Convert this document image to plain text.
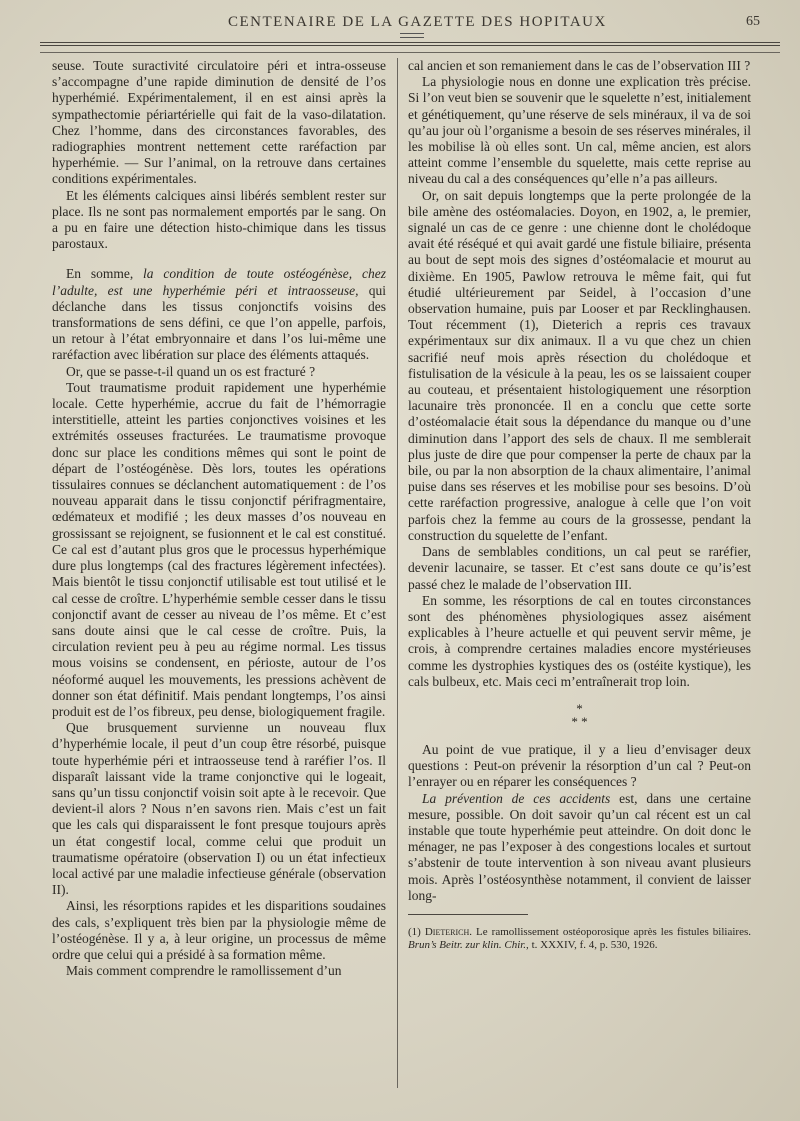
CENTENAIRE DE LA GAZETTE DES HOPITAUX	65

seuse. Toute suractivité circulatoire péri et intra-osseuse s’accompagne d’une rapide diminution de densité de l’os hyperhémié. Expérimentalement, il en est ainsi après la sympathectomie périartérielle qui fait de la vaso-dilatation. Chez l’homme, dans des circonstances favorables, des radiographies montrent nettement cette raréfaction par hyperhémie. — Sur l’animal, on la retrouve dans certaines conditions expérimentales.

Et les éléments calciques ainsi libérés semblent rester sur place. Ils ne sont pas normalement emportés par le sang. On a pu en faire une détection histo-chimique dans les tissus parostaux.

En somme, la condition de toute ostéogénèse, chez l’adulte, est une hyperhémie péri et intraosseuse, qui déclanche dans les tissus conjonctifs voisins des transformations de sens défini, ce que l’on appelle, parfois, un retour à l’état embryonnaire et dans l’os lui-même une raréfaction avec libération sur place des éléments attaqués.

Or, que se passe-t-il quand un os est fracturé ?

Tout traumatisme produit rapidement une hyperhémie locale. Cette hyperhémie, accrue du fait de l’hémorragie interstitielle, atteint les parties conjonctives voisines et les extrémités osseuses fracturées. Le traumatisme provoque donc sur place les conditions mêmes qui sont le point de départ de l’ostéogénèse. Dès lors, toutes les opérations tissulaires connues se déclanchent automatiquement : de l’os nouveau apparait dans le tissu conjonctif périfragmentaire, œdémateux et modifié ; les deux masses d’os nouveau en grossissant se rejoignent, se fusionnent et le cal est constitué. Ce cal est d’autant plus gros que le processus hyperhémique dure plus longtemps (cal des fractures légèrement infectées). Mais bientôt le tissu conjonctif utilisable est tout utilisé et le cal cesse de croître. L’hyperhémie semble cesser dans le tissu conjonctif avant de cesser au niveau de l’os même. Et c’est sans doute ainsi que le cal cesse de croître. Puis, la circulation revient peu à peu au régime normal. Les tissus mous voisins se condensent, en périoste, autour de l’os néoformé auquel les mouvements, les pressions achèvent de donner son état définitif. Mais pendant longtemps, l’os ainsi produit est de l’os fibreux, peu dense, biologiquement fragile.

Que brusquement survienne un nouveau flux d’hyperhémie locale, il peut d’un coup être résorbé, puisque toute hyperhémie péri et intraosseuse tend à raréfier l’os. Il disparaît laissant vide la trame conjonctive qui le logeait, sans qu’un tissu conjonctif voisin soit apte à le recevoir. Que devient-il alors ? Nous n’en savons rien. Mais c’est un fait que les cals qui disparaissent le font presque toujours après un état congestif local, comme celui que produit un traumatisme opératoire (observation I) ou un état infectieux local activé par une maladie infectieuse générale (observation II).

Ainsi, les résorptions rapides et les disparitions soudaines des cals, s’expliquent très bien par la physiologie même de l’ostéogénèse. Il y a, à leur origine, un processus de même ordre que celui qui a présidé à sa formation même.

Mais comment comprendre le ramollissement d’un

cal ancien et son remaniement dans le cas de l’observation III ?

La physiologie nous en donne une explication très précise. Si l’on veut bien se souvenir que le squelette n’est, initialement et génétiquement, qu’une réserve de sels minéraux, il va de soi qu’au jour où l’organisme a besoin de ses réserves minérales, il les mobilise là où elles sont. Un cal, même ancien, est alors atteint comme l’ensemble du squelette, mais cette reprise au niveau du cal a des conséquences qu’elle n’a pas ailleurs.

Or, on sait depuis longtemps que la perte prolongée de la bile amène des ostéomalacies. Doyon, en 1902, a, le premier, signalé un cas de ce genre : une chienne dont le cholédoque avait été réséqué et qui avait gardé une fistule biliaire, présenta au bout de sept mois des signes d’ostéomalacie et mourut au dixième. En 1905, Pawlow retrouva le même fait, qui fut étudié ultérieurement par Seidel, à l’occasion d’une observation humaine, puis par Looser et par Recklinghausen. Tout récemment (1), Dieterich a repris ces travaux expérimentaux sur dix animaux. Il a vu que chez un chien sacrifié neuf mois après résection du cholédoque et fistulisation de la vésicule à la peau, les os se laissaient couper au couteau, et présentaient histologiquement une résorption lacunaire très prononcée. Il en a conclu que cette sorte d’ostéomalacie était sous la dépendance du manque ou d’une diminution dans l’apport des sels de chaux. Il me semblerait plus juste de dire que pour compenser la perte de chaux par la bile, ou par la non absorption de la chaux alimentaire, l’animal puise dans ses réserves et les mobilise pour ses besoins. D’où cette raréfaction progressive, analogue à celle que l’on voit parfois chez la femme au cours de la grossesse, pendant la construction du squelette de l’enfant.

Dans de semblables conditions, un cal peut se raréfier, devenir lacunaire, se tasser. Et c’est sans doute ce qu’is’est passé chez le malade de l’observation III.

En somme, les résorptions de cal en toutes circonstances sont des phénomènes physiologiques assez aisément explicables à l’heure actuelle et qui peuvent servir même, je crois, à comprendre certaines maladies encore mystérieuses comme les dystrophies kystiques des os (ostéite kystique), les cals bulbeux, etc. Mais ceci m’entraînerait trop loin.

*
* *

Au point de vue pratique, il y a lieu d’envisager deux questions : Peut-on prévenir la résorption d’un cal ? Peut-on l’enrayer ou en réparer les conséquences ?

La prévention de ces accidents est, dans une certaine mesure, possible. On doit savoir qu’un cal récent est un cal instable que toute hyperhémie peut atteindre. On doit donc le ménager, ne pas l’exposer à des congestions locales et surtout s’abstenir de toute intervention à son niveau avant plusieurs mois. Après l’ostéosynthèse notamment, il convient de laisser long-

(1) Dieterich. Le ramollissement ostéoporosique après les fistules biliaires. Brun’s Beitr. zur klin. Chir., t. XXXIV, f. 4, p. 530, 1926.
